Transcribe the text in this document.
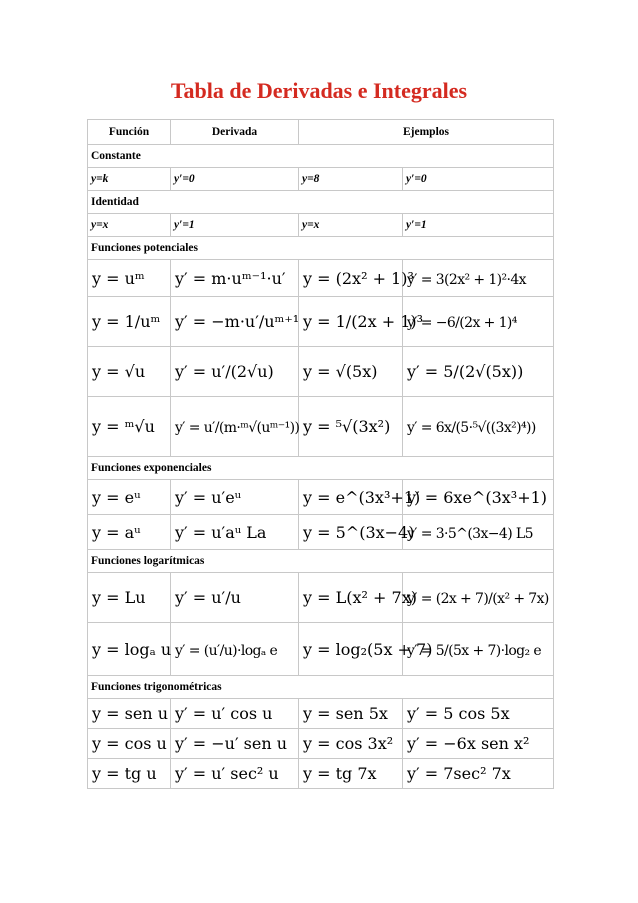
Tabla de Derivadas e Integrales
Función	Derivada	Ejemplos	
Constante			
y=k	y′=0	y=8	y′=0
Identidad			
y=x	y′=1	y=x	y′=1
Funciones potenciales			
y = uᵐ	y′ = m·uᵐ⁻¹·u′	y = (2x² + 1)³	y′ = 3(2x² + 1)²·4x
y = 1/uᵐ	y′ = −m·u′/uᵐ⁺¹	y = 1/(2x + 1)³	y′ = −6/(2x + 1)⁴
y = √u	y′ = u′/(2√u)	y = √(5x)	y′ = 5/(2√(5x))
y = ᵐ√u	y′ = u′/(m·ᵐ√(uᵐ⁻¹))	y = ⁵√(3x²)	y′ = 6x/(5·⁵√((3x²)⁴))
Funciones exponenciales			
y = eᵘ	y′ = u′eᵘ	y = e^(3x³+1)	y′ = 6xe^(3x³+1)
y = aᵘ	y′ = u′aᵘ La	y = 5^(3x−4)	y′ = 3·5^(3x−4) L5
Funciones logarítmicas			
y = Lu	y′ = u′/u	y = L(x² + 7x)	y′ = (2x + 7)/(x² + 7x)
y = logₐ u	y′ = (u′/u)·logₐ e	y = log₂(5x + 7)	y′ = 5/(5x + 7)·log₂ e
Funciones trigonométricas			
y = sen u	y′ = u′ cos u	y = sen 5x	y′ = 5 cos 5x
y = cos u	y′ = −u′ sen u	y = cos 3x²	y′ = −6x sen x²
y = tg u	y′ = u′ sec² u	y = tg 7x	y′ = 7sec² 7x
